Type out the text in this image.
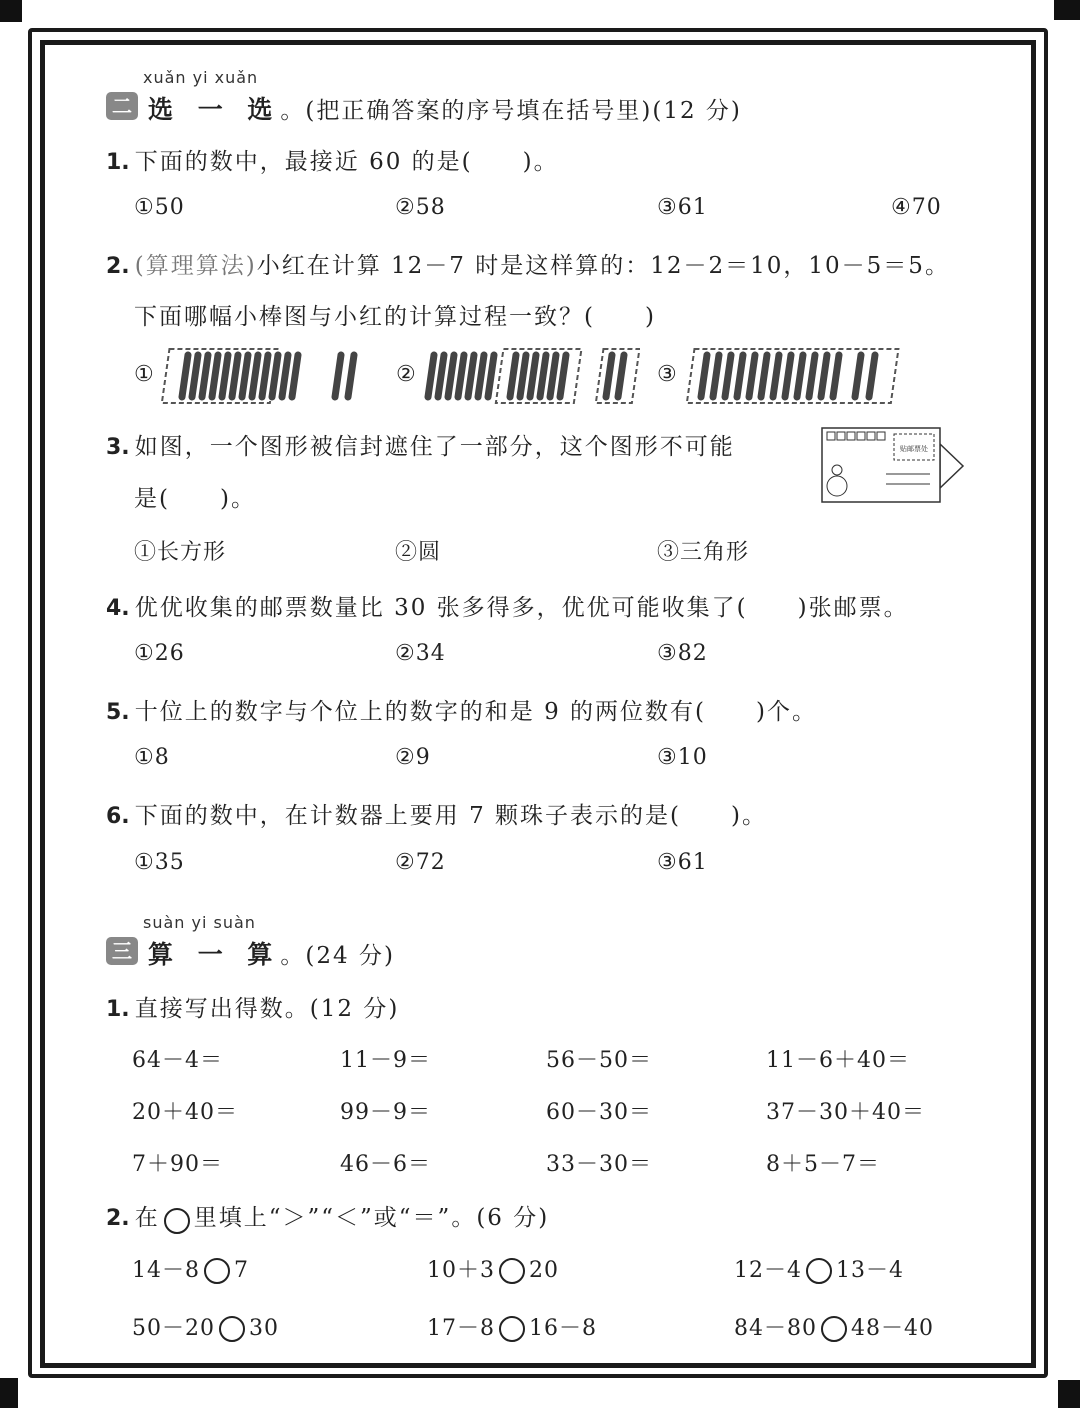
xuǎn yi xuǎn
二 选 一 选。(把正确答案的序号填在括号里)(12 分)
1. 下面的数中，最接近 60 的是(　　)。
①50	②58	③61	④70
2. (算理算法)小红在计算 12－7 时是这样算的：12－2＝10，10－5＝5。
下面哪幅小棒图与小红的计算过程一致？(　　)
①	②	③
3. 如图，一个图形被信封遮住了一部分，这个图形不可能
是(　　)。
贴邮票处
①长方形	②圆	③三角形
4. 优优收集的邮票数量比 30 张多得多，优优可能收集了(　　)张邮票。
①26	②34	③82
5. 十位上的数字与个位上的数字的和是 9 的两位数有(　　)个。
①8	②9	③10
6. 下面的数中，在计数器上要用 7 颗珠子表示的是(　　)。
①35	②72	③61
suàn yi suàn
三 算 一 算。(24 分)
1. 直接写出得数。(12 分)
64－4＝	11－9＝	56－50＝	11－6＋40＝
20＋40＝	99－9＝	60－30＝	37－30＋40＝
7＋90＝	46－6＝	33－30＝	8＋5－7＝
2. 在 里填上“＞”“＜”或“＝”。(6 分)
14－8 7	10＋3 20	12－4 13－4
50－20 30	17－8 16－8	84－80 48－40
